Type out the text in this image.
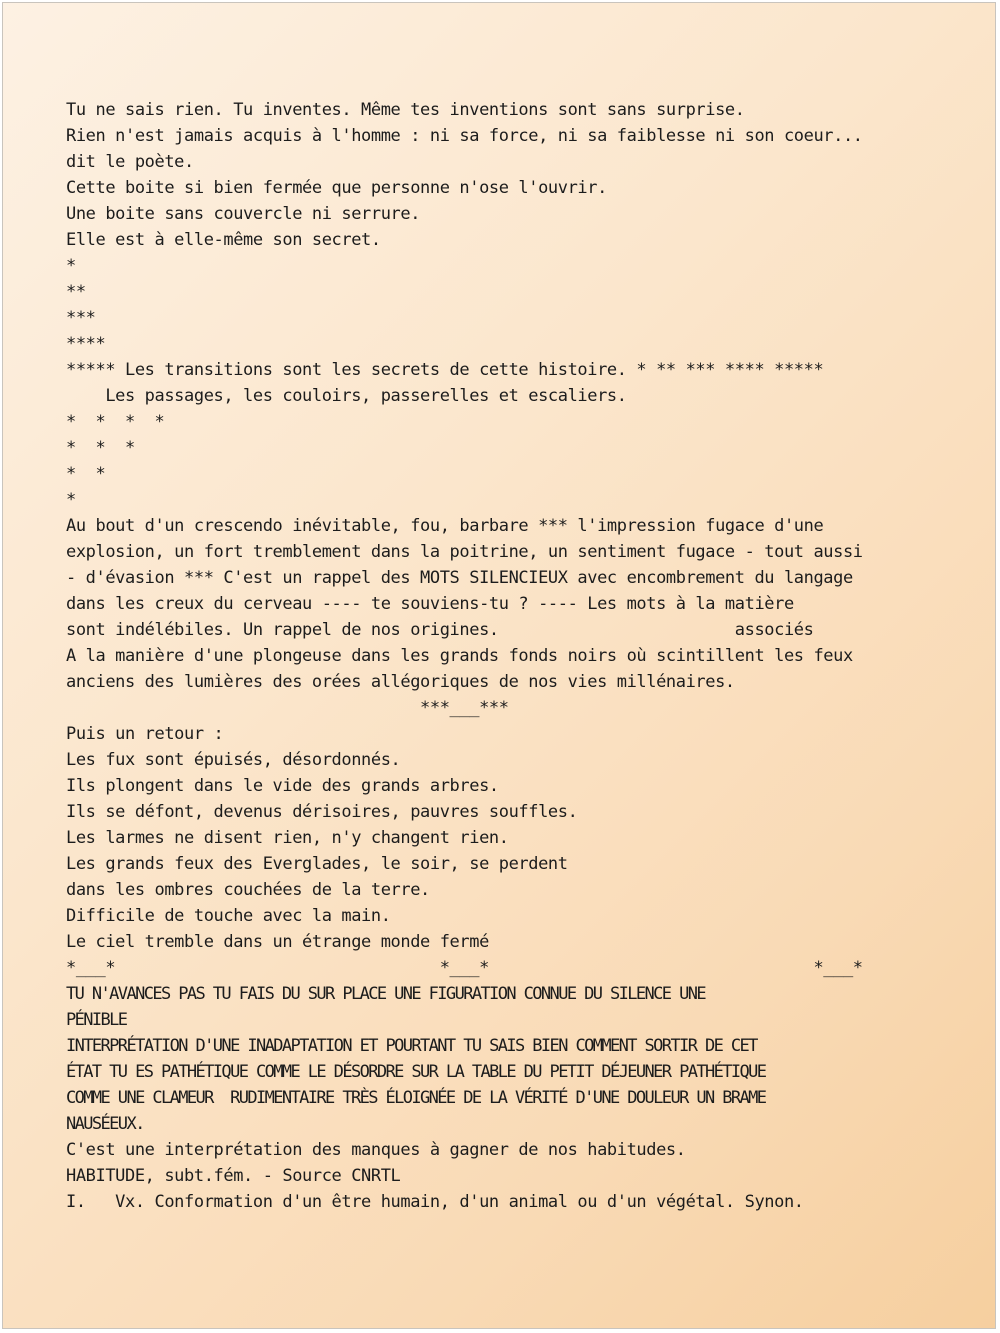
Tu ne sais rien. Tu inventes. Même tes inventions sont sans surprise.
Rien n'est jamais acquis à l'homme : ni sa force, ni sa faiblesse ni son coeur...
dit le poète.
Cette boite si bien fermée que personne n'ose l'ouvrir.
Une boite sans couvercle ni serrure.
Elle est à elle-même son secret.
*
**
***
****
***** Les transitions sont les secrets de cette histoire. * ** *** **** *****
Les passages, les couloirs, passerelles et escaliers.
*  *  *  *
*  *  *
*  *
*
Au bout d'un crescendo inévitable, fou, barbare *** l'impression fugace d'une
explosion, un fort tremblement dans la poitrine, un sentiment fugace - tout aussi
- d'évasion *** C'est un rappel des MOTS SILENCIEUX avec encombrement du langage
dans les creux du cerveau ---- te souviens-tu ? ---- Les mots à la matière
sont indélébiles. Un rappel de nos origines.                        associés
A la manière d'une plongeuse dans les grands fonds noirs où scintillent les feux
anciens des lumières des orées allégoriques de nos vies millénaires.
***___***
Puis un retour :
Les fux sont épuisés, désordonnés.
Ils plongent dans le vide des grands arbres.
Ils se défont, devenus dérisoires, pauvres souffles.
Les larmes ne disent rien, n'y changent rien.
Les grands feux des Everglades, le soir, se perdent
dans les ombres couchées de la terre.
Difficile de touche avec la main.
Le ciel tremble dans un étrange monde fermé
*___*                                 *___*                                 *___*
TU N'AVANCES PAS TU FAIS DU SUR PLACE UNE FIGURATION CONNUE DU SILENCE UNE
PÉNIBLE
INTERPRÉTATION D'UNE INADAPTATION ET POURTANT TU SAIS BIEN COMMENT SORTIR DE CET
ÉTAT TU ES PATHÉTIQUE COMME LE DÉSORDRE SUR LA TABLE DU PETIT DÉJEUNER PATHÉTIQUE
COMME UNE CLAMEUR  RUDIMENTAIRE TRÈS ÉLOIGNÉE DE LA VÉRITÉ D'UNE DOULEUR UN BRAME
NAUSÉEUX.
C'est une interprétation des manques à gagner de nos habitudes.
HABITUDE, subt.fém. - Source CNRTL
I.   Vx. Conformation d'un être humain, d'un animal ou d'un végétal. Synon.
